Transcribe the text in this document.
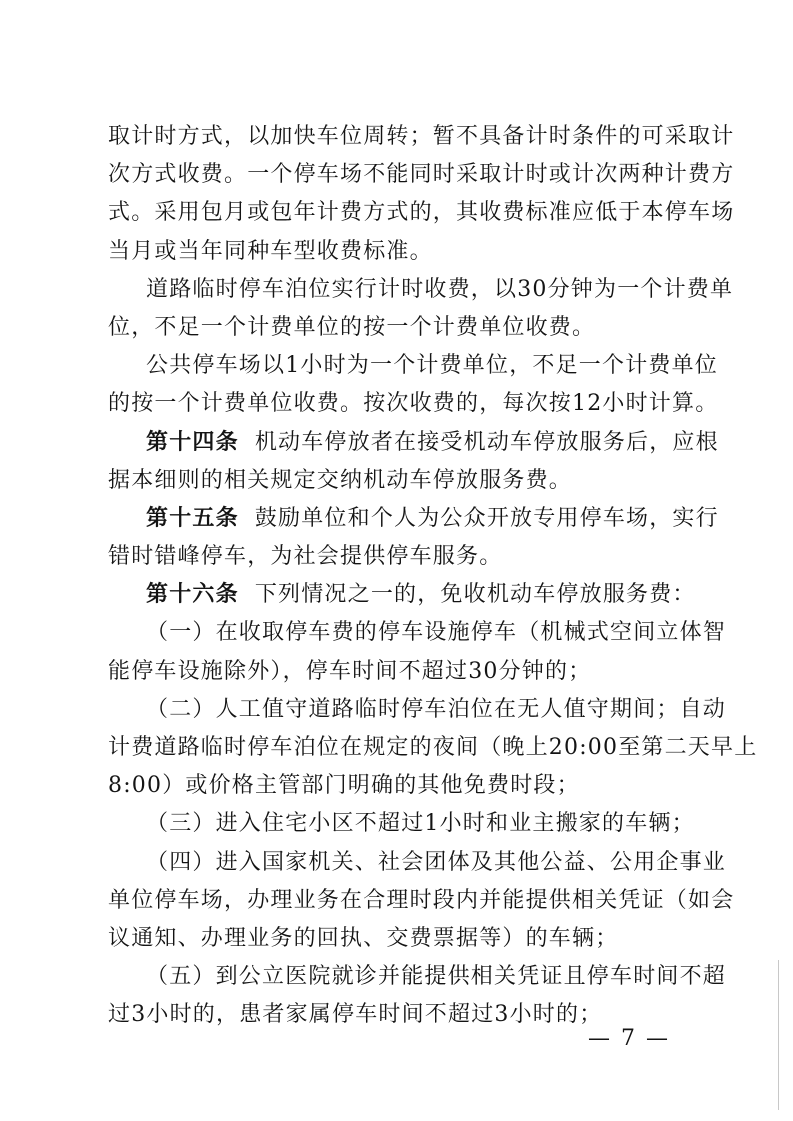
取计时方式，以加快车位周转；暂不具备计时条件的可采取计
次方式收费。一个停车场不能同时采取计时或计次两种计费方
式。采用包月或包年计费方式的，其收费标准应低于本停车场
当月或当年同种车型收费标准。
道路临时停车泊位实行计时收费，以30分钟为一个计费单
位，不足一个计费单位的按一个计费单位收费。
公共停车场以1小时为一个计费单位，不足一个计费单位
的按一个计费单位收费。按次收费的，每次按12小时计算。
第十四条 机动车停放者在接受机动车停放服务后，应根
据本细则的相关规定交纳机动车停放服务费。
第十五条 鼓励单位和个人为公众开放专用停车场，实行
错时错峰停车，为社会提供停车服务。
第十六条 下列情况之一的，免收机动车停放服务费：
（一）在收取停车费的停车设施停车（机械式空间立体智
能停车设施除外），停车时间不超过30分钟的；
（二）人工值守道路临时停车泊位在无人值守期间；自动
计费道路临时停车泊位在规定的夜间（晚上20:00至第二天早上
8:00）或价格主管部门明确的其他免费时段；
（三）进入住宅小区不超过1小时和业主搬家的车辆；
（四）进入国家机关、社会团体及其他公益、公用企事业
单位停车场，办理业务在合理时段内并能提供相关凭证（如会
议通知、办理业务的回执、交费票据等）的车辆；
（五）到公立医院就诊并能提供相关凭证且停车时间不超
过3小时的，患者家属停车时间不超过3小时的；
— 7 —
